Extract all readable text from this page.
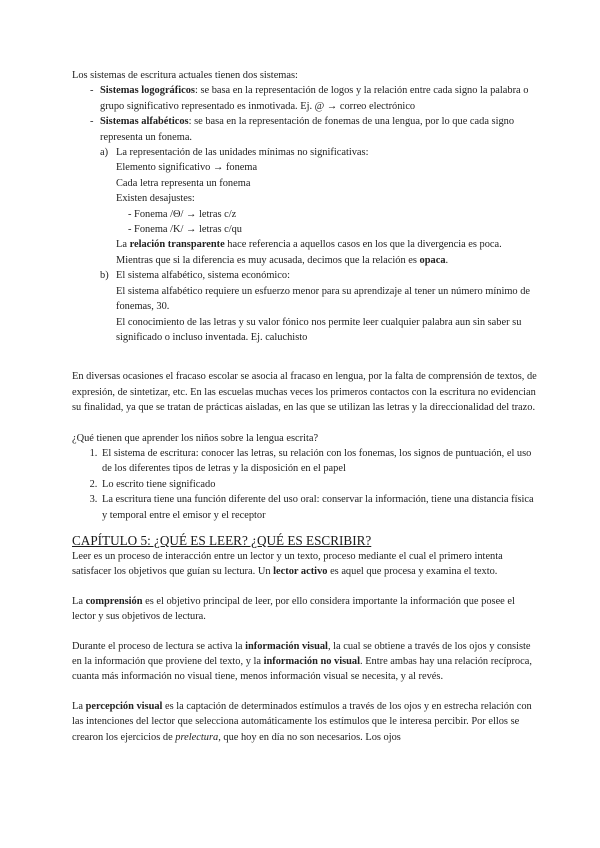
Los sistemas de escritura actuales tienen dos sistemas:

- Sistemas logográficos: se basa en la representación de logos y la relación entre cada signo la palabra o grupo significativo representado es inmotivada. Ej. @ → correo electrónico
- Sistemas alfabéticos: se basa en la representación de fonemas de una lengua, por lo que cada signo representa un fonema.
a) La representación de las unidades mínimas no significativas:

Elemento significativo → fonema

Cada letra representa un fonema

Existen desajustes:

- Fonema /Θ/ → letras c/z

- Fonema /K/ → letras c/qu

La relación transparente hace referencia a aquellos casos en los que la divergencia es poca. Mientras que si la diferencia es muy acusada, decimos que la relación es opaca.

b) El sistema alfabético, sistema económico:

El sistema alfabético requiere un esfuerzo menor para su aprendizaje al tener un número mínimo de fonemas, 30.

El conocimiento de las letras y su valor fónico nos permite leer cualquier palabra aun sin saber su significado o incluso inventada. Ej. caluchisto

En diversas ocasiones el fracaso escolar se asocia al fracaso en lengua, por la falta de comprensión de textos, de expresión, de sintetizar, etc. En las escuelas muchas veces los primeros contactos con la escritura no evidencian su finalidad, ya que se tratan de prácticas aisladas, en las que se utilizan las letras y la direccionalidad del trazo.

¿Qué tienen que aprender los niños sobre la lengua escrita?

1. El sistema de escritura: conocer las letras, su relación con los fonemas, los signos de puntuación, el uso de los diferentes tipos de letras y la disposición en el papel
2. Lo escrito tiene significado
3. La escritura tiene una función diferente del uso oral: conservar la información, tiene una distancia física y temporal entre el emisor y el receptor
CAPÍTULO 5: ¿QUÉ ES LEER? ¿QUÉ ES ESCRIBIR?

Leer es un proceso de interacción entre un lector y un texto, proceso mediante el cual el primero intenta satisfacer los objetivos que guían su lectura. Un lector activo es aquel que procesa y examina el texto.

La comprensión es el objetivo principal de leer, por ello considera importante la información que posee el lector y sus objetivos de lectura.

Durante el proceso de lectura se activa la información visual, la cual se obtiene a través de los ojos y consiste en la información que proviene del texto, y la información no visual. Entre ambas hay una relación recíproca, cuanta más información no visual tiene, menos información visual se necesita, y al revés.

La percepción visual es la captación de determinados estímulos a través de los ojos y en estrecha relación con las intenciones del lector que selecciona automáticamente los estímulos que le interesa percibir. Por ellos se crearon los ejercicios de prelectura, que hoy en día no son necesarios. Los ojos
